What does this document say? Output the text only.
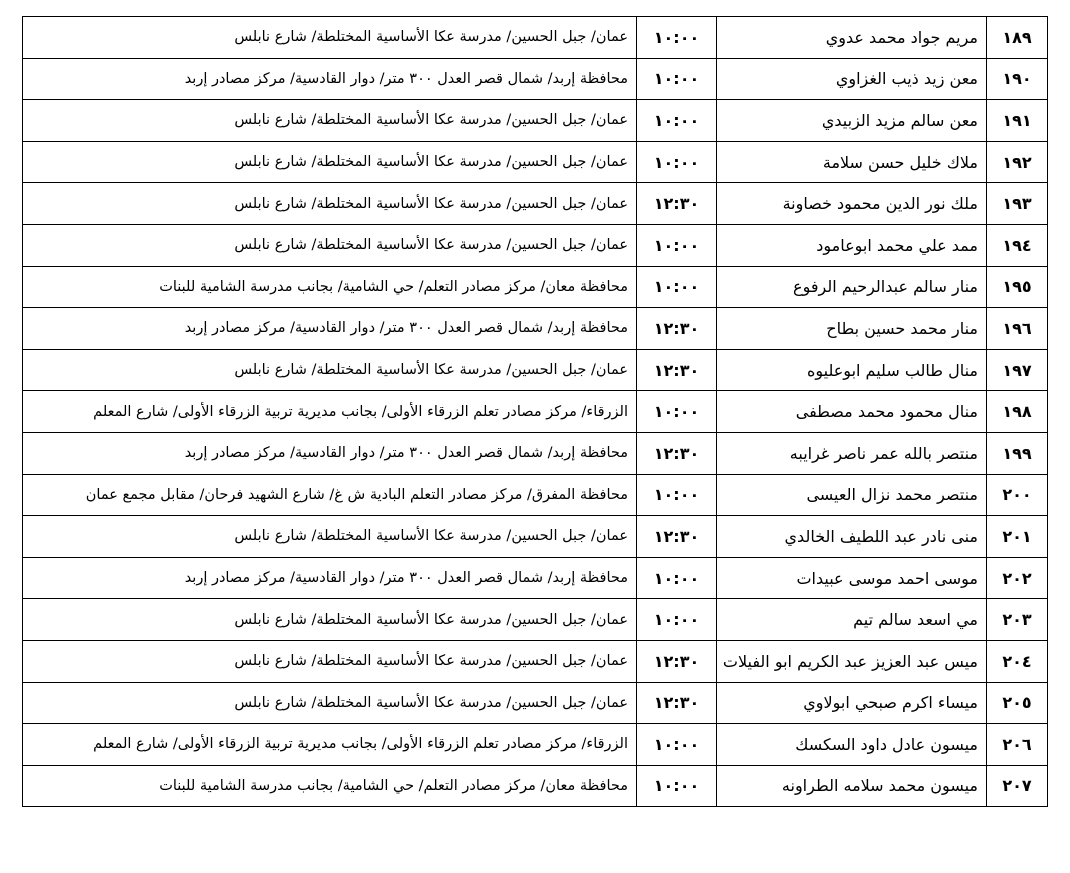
١٨٩	مريم جواد محمد عدوي	١٠:٠٠	عمان/ جبل الحسين/ مدرسة عكا الأساسية المختلطة/ شارع نابلس
١٩٠	معن زيد ذيب الغزاوي	١٠:٠٠	محافظة إربد/ شمال قصر العدل ٣٠٠ متر/ دوار القادسية/ مركز مصادر إربد
١٩١	معن سالم مزيد الزبيدي	١٠:٠٠	عمان/ جبل الحسين/ مدرسة عكا الأساسية المختلطة/ شارع نابلس
١٩٢	ملاك خليل حسن سلامة	١٠:٠٠	عمان/ جبل الحسين/ مدرسة عكا الأساسية المختلطة/ شارع نابلس
١٩٣	ملك نور الدين محمود خصاونة	١٢:٣٠	عمان/ جبل الحسين/ مدرسة عكا الأساسية المختلطة/ شارع نابلس
١٩٤	ممد علي محمد ابوعامود	١٠:٠٠	عمان/ جبل الحسين/ مدرسة عكا الأساسية المختلطة/ شارع نابلس
١٩٥	منار سالم عبدالرحيم الرفوع	١٠:٠٠	محافظة معان/ مركز مصادر التعلم/ حي الشامية/ بجانب مدرسة الشامية للبنات
١٩٦	منار محمد حسين بطاح	١٢:٣٠	محافظة إربد/ شمال قصر العدل ٣٠٠ متر/ دوار القادسية/ مركز مصادر إربد
١٩٧	منال طالب سليم ابوعليوه	١٢:٣٠	عمان/ جبل الحسين/ مدرسة عكا الأساسية المختلطة/ شارع نابلس
١٩٨	منال محمود محمد مصطفى	١٠:٠٠	الزرقاء/ مركز مصادر تعلم الزرقاء الأولى/ بجانب مديرية تربية الزرقاء الأولى/ شارع المعلم
١٩٩	منتصر بالله عمر ناصر غرايبه	١٢:٣٠	محافظة إربد/ شمال قصر العدل ٣٠٠ متر/ دوار القادسية/ مركز مصادر إربد
٢٠٠	منتصر محمد نزال العيسى	١٠:٠٠	محافظة المفرق/ مركز مصادر التعلم البادية ش غ/ شارع الشهيد فرحان/ مقابل مجمع عمان
٢٠١	منى نادر عبد اللطيف الخالدي	١٢:٣٠	عمان/ جبل الحسين/ مدرسة عكا الأساسية المختلطة/ شارع نابلس
٢٠٢	موسى احمد موسى عبيدات	١٠:٠٠	محافظة إربد/ شمال قصر العدل ٣٠٠ متر/ دوار القادسية/ مركز مصادر إربد
٢٠٣	مي اسعد سالم تيم	١٠:٠٠	عمان/ جبل الحسين/ مدرسة عكا الأساسية المختلطة/ شارع نابلس
٢٠٤	ميس عبد العزيز عبد الكريم ابو الفيلات	١٢:٣٠	عمان/ جبل الحسين/ مدرسة عكا الأساسية المختلطة/ شارع نابلس
٢٠٥	ميساء اكرم صبحي ابولاوي	١٢:٣٠	عمان/ جبل الحسين/ مدرسة عكا الأساسية المختلطة/ شارع نابلس
٢٠٦	ميسون عادل داود السكسك	١٠:٠٠	الزرقاء/ مركز مصادر تعلم الزرقاء الأولى/ بجانب مديرية تربية الزرقاء الأولى/ شارع المعلم
٢٠٧	ميسون محمد سلامه الطراونه	١٠:٠٠	محافظة معان/ مركز مصادر التعلم/ حي الشامية/ بجانب مدرسة الشامية للبنات
